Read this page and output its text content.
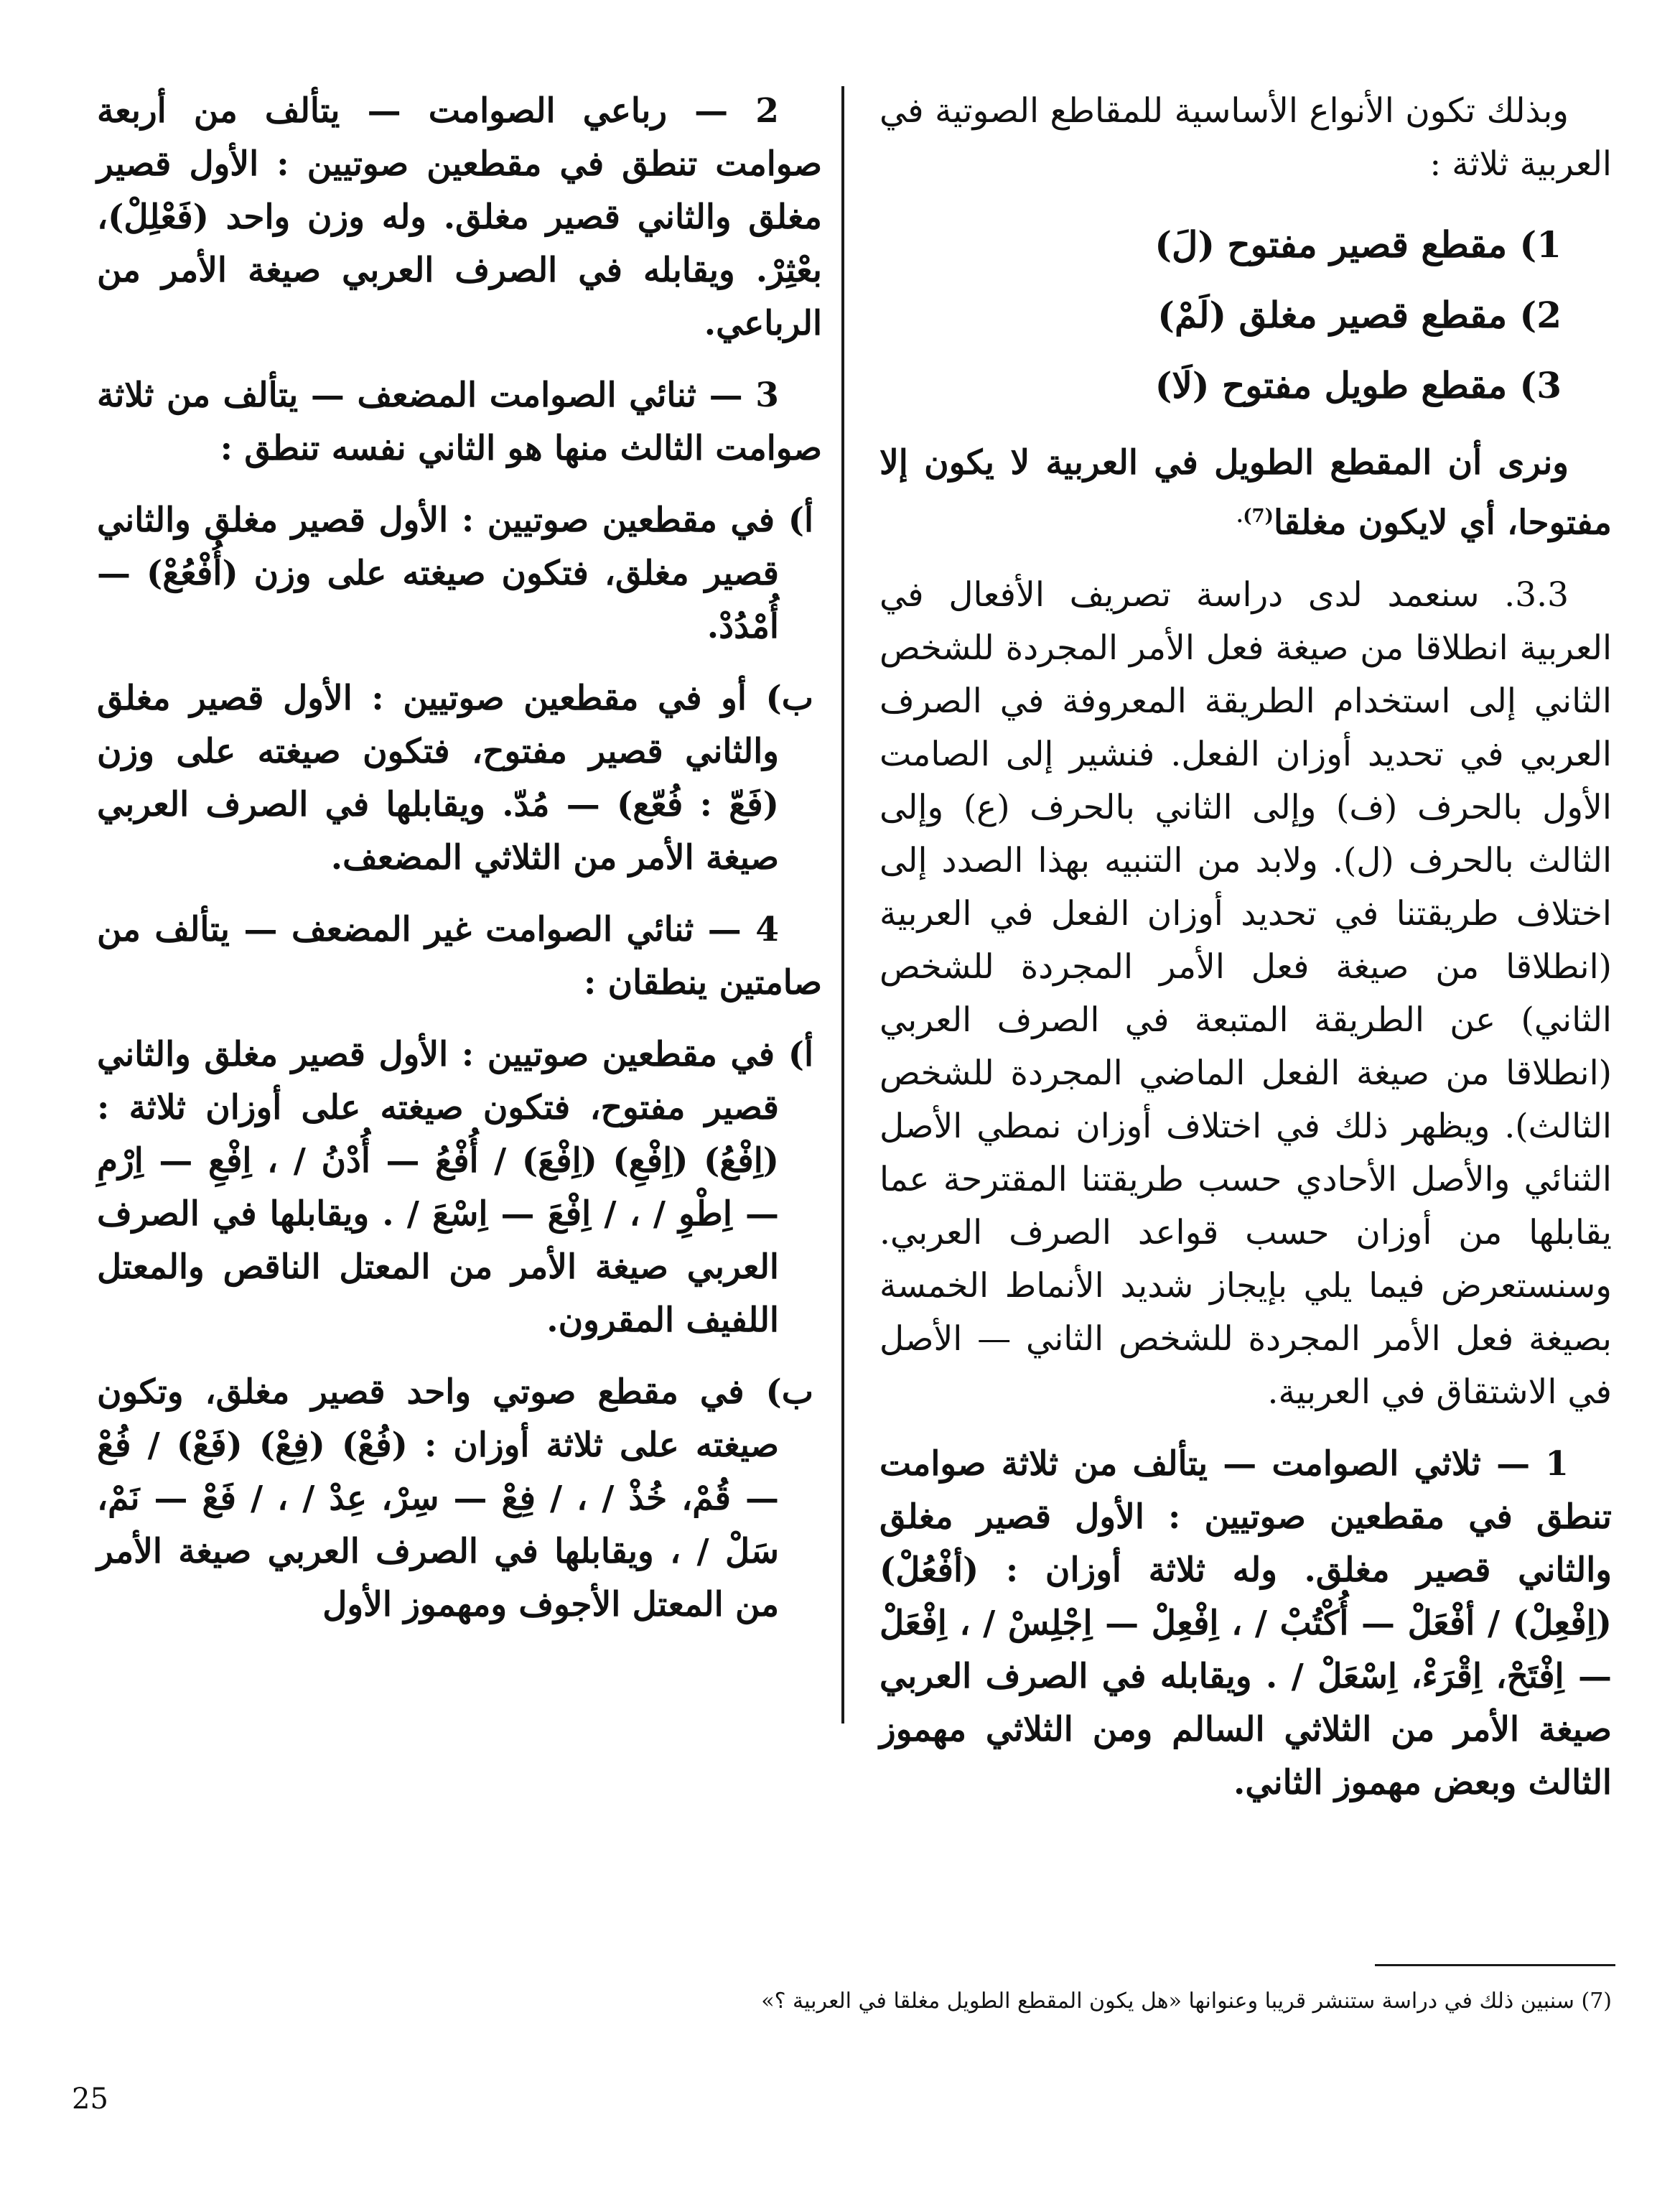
وبذلك تكون الأنواع الأساسية للمقاطع الصوتية في العربية ثلاثة :

1) مقطع قصير مفتوح (لَ)
2) مقطع قصير مغلق (لَمْ)
3) مقطع طويل مفتوح (لَا)

ونرى أن المقطع الطويل في العربية لا يكون إلا مفتوحا، أي لايكون مغلقا$^{(7).}$

3.3. سنعمد لدى دراسة تصريف الأفعال في العربية انطلاقا من صيغة فعل الأمر المجردة للشخص الثاني إلى استخدام الطريقة المعروفة في الصرف العربي في تحديد أوزان الفعل. فنشير إلى الصامت الأول بالحرف (ف) وإلى الثاني بالحرف (ع) وإلى الثالث بالحرف (ل). ولابد من التنبيه بهذا الصدد إلى اختلاف طريقتنا في تحديد أوزان الفعل في العربية (انطلاقا من صيغة فعل الأمر المجردة للشخص الثاني) عن الطريقة المتبعة في الصرف العربي (انطلاقا من صيغة الفعل الماضي المجردة للشخص الثالث). ويظهر ذلك في اختلاف أوزان نمطي الأصل الثنائي والأصل الأحادي حسب طريقتنا المقترحة عما يقابلها من أوزان حسب قواعد الصرف العربي. وسنستعرض فيما يلي بإيجاز شديد الأنماط الخمسة بصيغة فعل الأمر المجردة للشخص الثاني — الأصل في الاشتقاق في العربية.

1 — ثلاثي الصوامت — يتألف من ثلاثة صوامت تنطق في مقطعين صوتيين : الأول قصير مغلق والثاني قصير مغلق. وله ثلاثة أوزان : (أفْعُلْ) (اِفْعِلْ) / أفْعَلْ — أُكْتُبْ / ، اِفْعِلْ — اِجْلِسْ / ، اِفْعَلْ — اِفْتَحْ، اِقْرَءْ، اِسْعَلْ / . ويقابله في الصرف العربي صيغة الأمر من الثلاثي السالم ومن الثلاثي مهموز الثالث وبعض مهموز الثاني.

2 — رباعي الصوامت — يتألف من أربعة صوامت تنطق في مقطعين صوتيين : الأول قصير مغلق والثاني قصير مغلق. وله وزن واحد (فَعْلِلْ)، بعْثِرْ. ويقابله في الصرف العربي صيغة الأمر من الرباعي.

3 — ثنائي الصوامت المضعف — يتألف من ثلاثة صوامت الثالث منها هو الثاني نفسه تنطق :

أ) في مقطعين صوتيين : الأول قصير مغلق والثاني قصير مغلق، فتكون صيغته على وزن (أُفْعُعْ) — أُمْدُدْ.

ب) أو في مقطعين صوتيين : الأول قصير مغلق والثاني قصير مفتوح، فتكون صيغته على وزن (فَعّ : فُعّع) — مُدّ. ويقابلها في الصرف العربي صيغة الأمر من الثلاثي المضعف.

4 — ثنائي الصوامت غير المضعف — يتألف من صامتين ينطقان :

أ) في مقطعين صوتيين : الأول قصير مغلق والثاني قصير مفتوح، فتكون صيغته على أوزان ثلاثة : (اِفْعُ) (اِفْعِ) (اِفْعَ) / أُفْعُ — أُدْنُ / ، اِفْعِ — اِرْمِ — اِطْوِ / ، / اِفْعَ — اِسْعَ / . ويقابلها في الصرف العربي صيغة الأمر من المعتل الناقص والمعتل اللفيف المقرون.

ب) في مقطع صوتي واحد قصير مغلق، وتكون صيغته على ثلاثة أوزان : (فُعْ) (فِعْ) (فَعْ) / فُعْ — قُمْ، خُذْ / ، / فِعْ — سِرْ، عِدْ / ، / فَعْ — نَمْ، سَلْ / ، ويقابلها في الصرف العربي صيغة الأمر من المعتل الأجوف ومهموز الأول

(7) سنبين ذلك في دراسة ستنشر قريبا وعنوانها «هل يكون المقطع الطويل مغلقا في العربية ؟»
25
